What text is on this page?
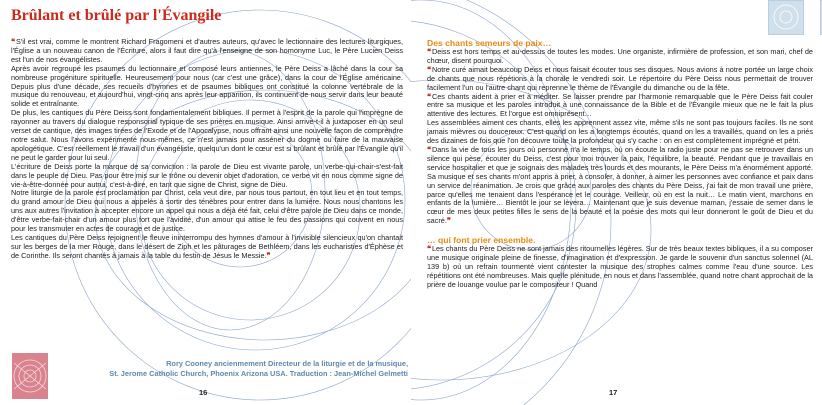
Brûlant et brûlé par l'Évangile

❝S'il est vrai, comme le montrent Richard Fragomeni et d'autres auteurs, qu'avec le lectionnaire des lectures liturgiques, l'Église a un nouveau canon de l'Écriture, alors il faut dire qu'à l'enseigne de son homonyme Luc, le Père Lucien Deiss est l'un de nos évangélistes.

Après avoir regroupé les psaumes du lectionnaire et composé leurs antiennes, le Père Deiss a lâché dans la cour sa nombreuse progéniture spirituelle. Heureusement pour nous (car c'est une grâce), dans la cour de l'Église américaine. Depuis plus d'une décade, ses recueils d'hymnes et de psaumes bibliques ont constitué la colonne vertébrale de la musique du renouveau, et aujourd'hui, vingt-cinq ans après leur apparition, ils continuent de nous servir dans leur beauté solide et entraînante.

De plus, les cantiques du Père Deiss sont fondamentalement bibliques. Il permet à l'esprit de la parole qui l'imprègne de rayonner au travers du dialogue responsorial typique de ses prières en musique. Ainsi arrive-t-il à juxtaposer en un seul verset de cantique, des images tirées de l'Exode et de l'Apocalypse, nous offrant ainsi une nouvelle façon de comprendre notre salut. Nous l'avons expérimenté nous-mêmes, ce n'est jamais pour asséner du dogme ou faire de la mauvaise apologétique. C'est réellement le travail d'un évangéliste, quelqu'un dont le cœur est si brûlant et brûlé par l'Évangile qu'il ne peut le garder pour lui seul.

L'écriture de Deiss porte la marque de sa conviction : la parole de Dieu est vivante parole, un verbe-qui-chair-s'est-fait dans le peuple de Dieu. Pas pour être mis sur le trône ou devenir objet d'adoration, ce verbe vit en nous comme signe de vie-à-être-donnée pour autrui, c'est-à-dire, en tant que signe de Christ, signe de Dieu.

Notre liturgie de la parole est proclamation par Christ, cela veut dire, par nous tous partout, en tout lieu et en tout temps, du grand amour de Dieu qui nous a appelés à sortir des ténèbres pour entrer dans la lumière. Nous nous chantons les uns aux autres l'invitation à accepter encore un appel qui nous a déjà été fait, celui d'être parole de Dieu dans ce monde, d'être verbe-fait-chair d'un amour plus fort que l'avidité, d'un amour qui attise le feu des passions qui couvent en nous pour les transmuter en actes de courage et de justice.

Les cantiques du Père Deiss rejoignent le fleuve ininterrompu des hymnes d'amour à l'invisible silencieux qu'on chantait sur les berges de la mer Rouge, dans le désert de Ziph et les pâturages de Bethléem, dans les eucharisties d'Éphèse et de Corinthe. Ils seront chantés à jamais à la table du festin de Jésus le Messie.❞

Rory Cooney ancienmement Directeur de la liturgie et de la musique,
St. Jerome Catholic Church, Phoenix Arizona USA. Traduction : Jean-Michel Gelmetti
16
Des chants semeurs de paix…

❝Deiss est hors temps et au-dessus de toutes les modes. Une organiste, infirmière de profession, et son mari, chef de chœur, disent pourquoi.

❝Notre curé aimait beaucoup Deiss et nous faisait écouter tous ses disques. Nous avions à notre portée un large choix de chants que nous répétions à la chorale le vendredi soir. Le répertoire du Père Deiss nous permettait de trouver facilement l'un ou l'autre chant qui reprenne le thème de l'Évangile du dimanche ou de la fête.

❝Ces chants aident à prier et à méditer. Se laisser prendre par l'harmonie remarquable que le Père Deiss fait couler entre sa musique et les paroles introduit à une connaissance de la Bible et de l'Évangile mieux que ne le fait la plus attentive des lectures. Et l'orgue est omniprésent…

Les assemblées aiment ces chants, elles les apprennent assez vite, même s'ils ne sont pas toujours faciles. Ils ne sont jamais mièvres ou doucereux. C'est quand on les a longtemps écoutés, quand on les a travaillés, quand on les a priés des dizaines de fois que l'on découvre toute la profondeur qui s'y cache : on en est complètement imprégné et pétri.

❝Dans la vie de tous les jours où personne n'a le temps, où on écoute la radio juste pour ne pas se retrouver dans un silence qui pèse, écouter du Deiss, c'est pour moi trouver la paix, l'équilibre, la beauté. Pendant que je travaillais en service hospitalier et que je soignais des malades très lourds et des mourants, le Père Deiss m'a énormément apporté. Sa musique et ses chants m'ont appris à prier, à consoler, à donner, à aimer les personnes avec confiance et paix dans un service de réanimation. Je crois que grâce aux paroles des chants du Père Deiss, j'ai fait de mon travail une prière, parce qu'elles me tenaient dans l'espérance et le courage. Veilleur, où en est la nuit… Le matin vient, marchons en enfants de la lumière… Bientôt le jour se lèvera… Maintenant que je suis devenue maman, j'essaie de semer dans le cœur de mes deux petites filles le sens de la beauté et la poésie des mots qui leur donneront le goût de Dieu et du sacré.❞

… qui font prier ensemble.

❝Les chants du Père Deiss ne sont jamais des ritournelles légères. Sur de très beaux textes bibliques, il a su composer une musique originale pleine de finesse, d'imagination et d'expression. Je garde le souvenir d'un sanctus solennel (AL 139 b) où un refrain tourmenté vient contester la musique des strophes calmes comme l'eau d'une source. Les répétitions ont été nombreuses. Mais quelle plénitude, en nous et dans l'assemblée, quand notre chant approchait de la prière de louange voulue par le compositeur ! Quand

17
